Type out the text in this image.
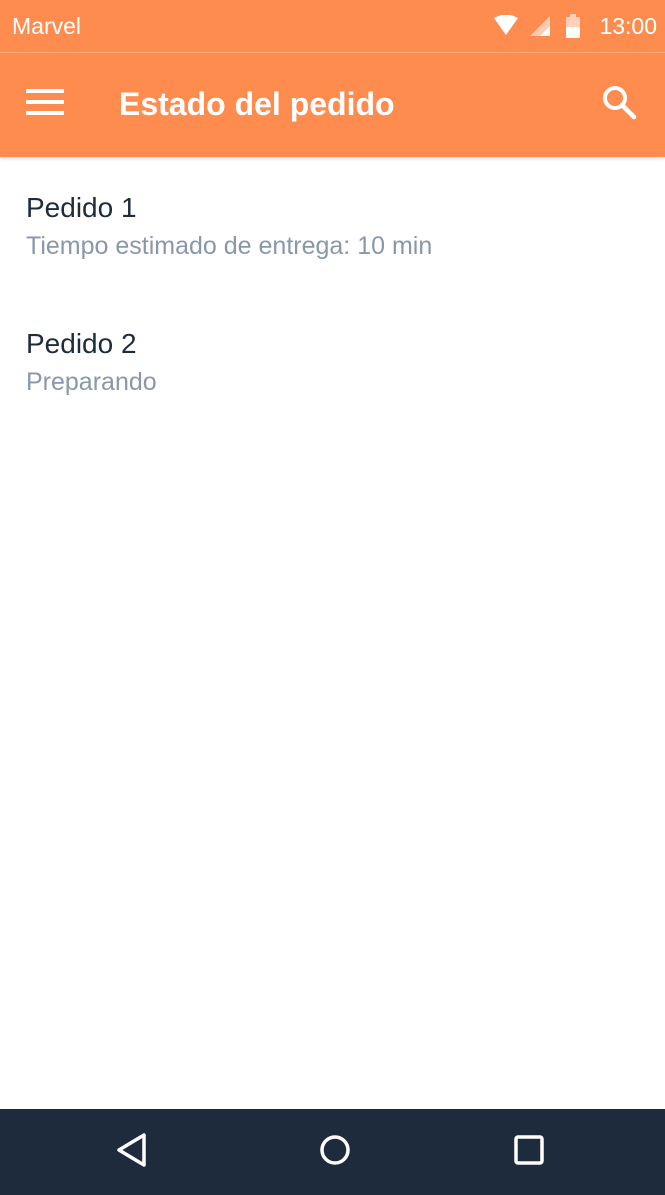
Marvel	13:00
Estado del pedido
Pedido 1
Tiempo estimado de entrega: 10 min
Pedido 2
Preparando
